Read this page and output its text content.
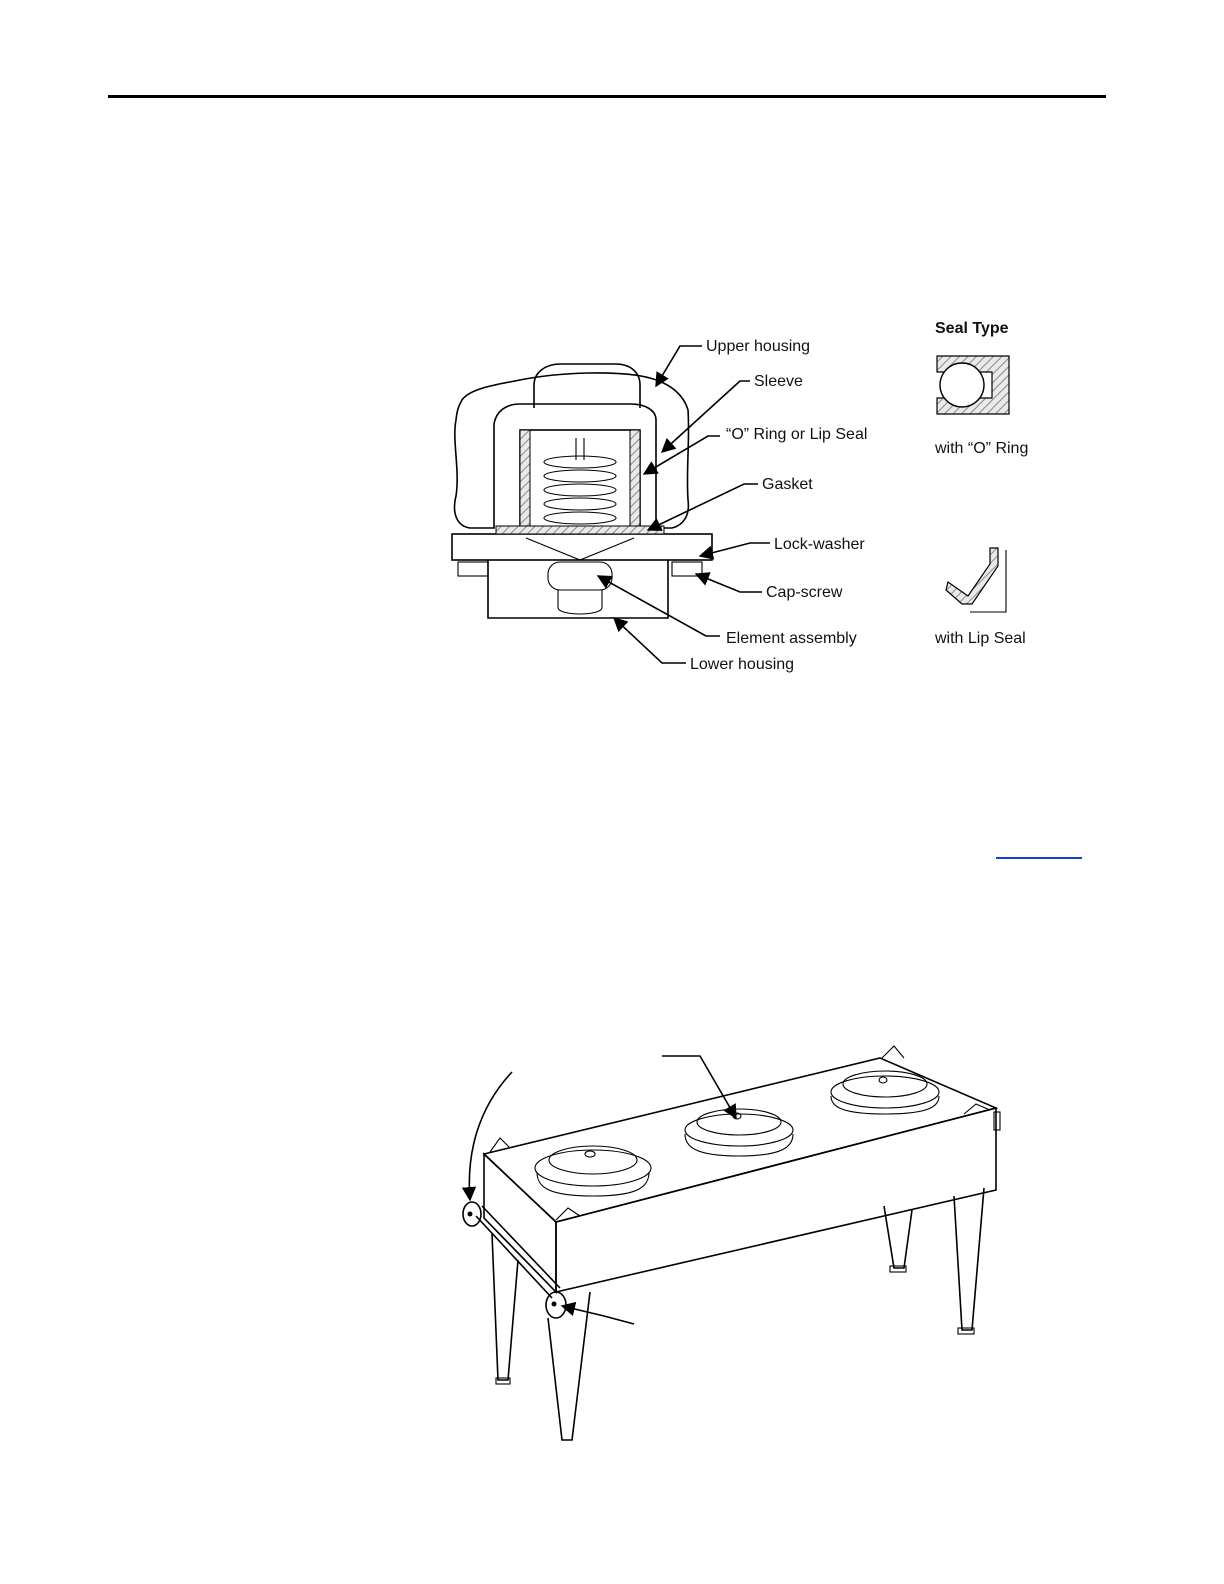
Upper housing
Sleeve
“O” Ring or Lip Seal
Gasket
Lock-washer
Cap-screw
Element assembly
Lower housing
Seal Type
with “O” Ring
with Lip Seal
